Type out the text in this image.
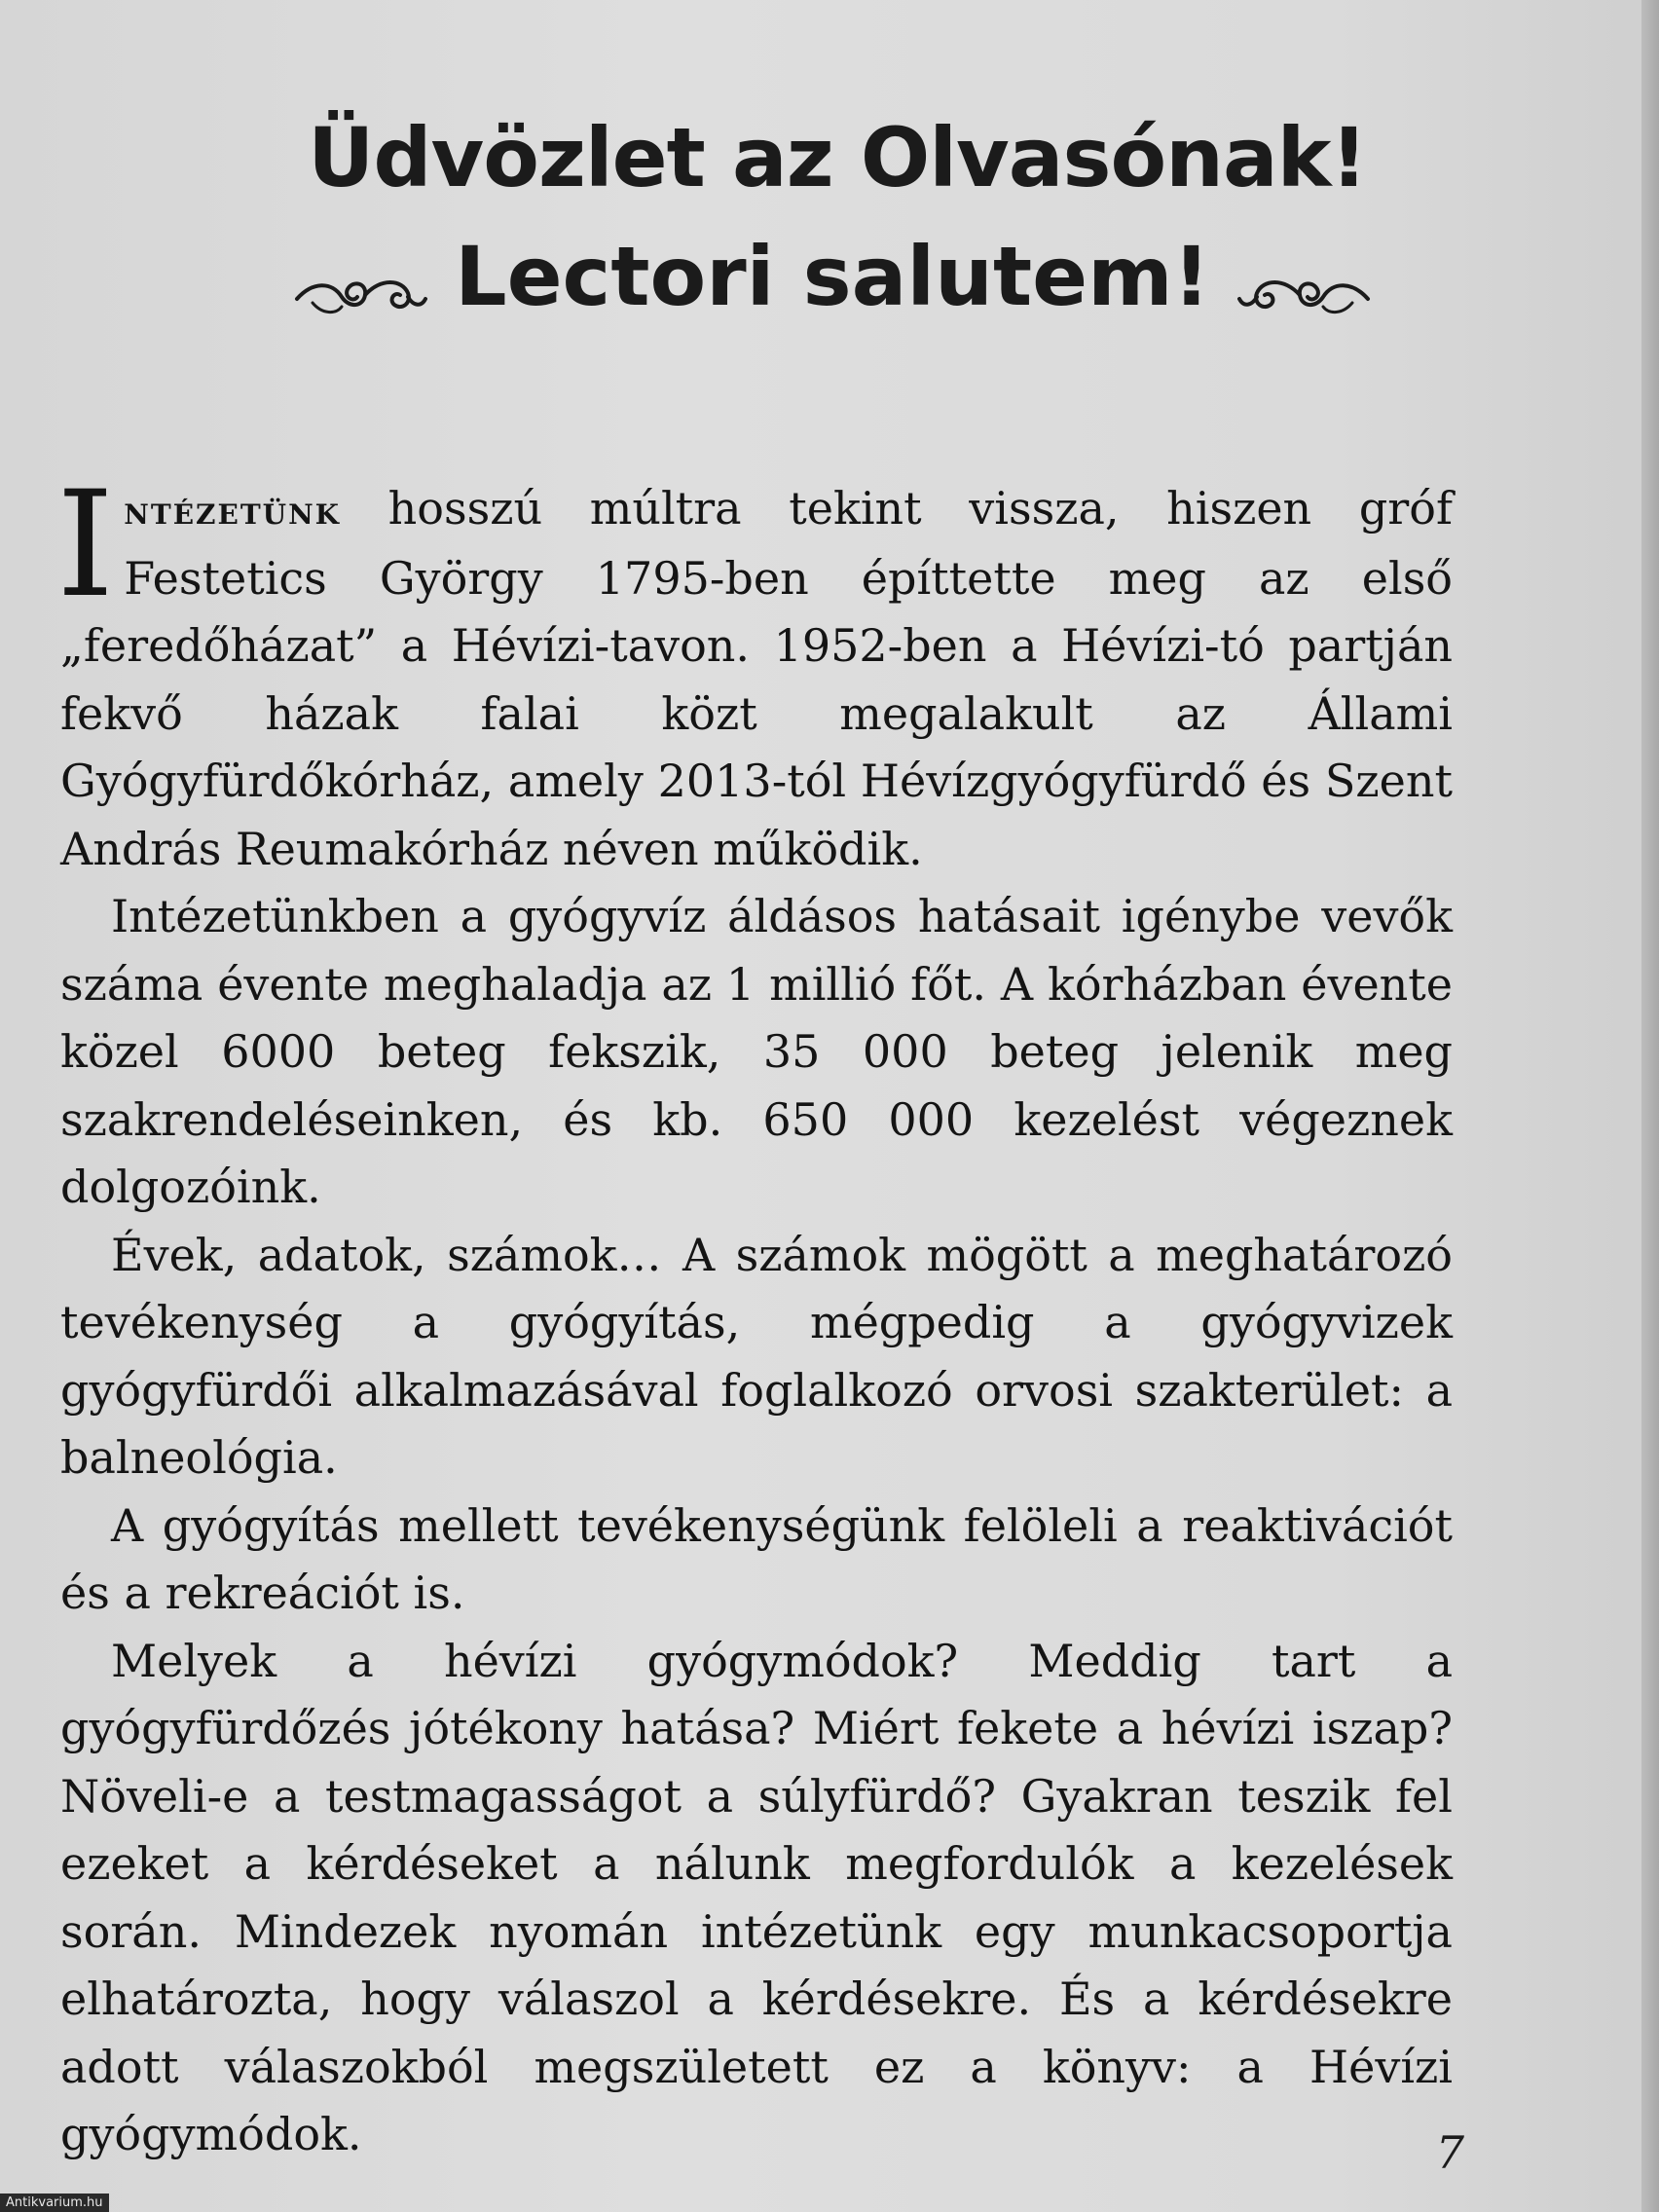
Üdvözlet az Olvasónak!
Lectori salutem!

Intézetünk hosszú múltra tekint vissza, hiszen gróf Festetics György 1795-ben építtette meg az első „feredőházat” a Hévízi-tavon. 1952-ben a Hévízi-tó partján fekvő házak falai közt megalakult az Állami Gyógyfürdőkórház, amely 2013-tól Hévízgyógyfürdő és Szent András Reumakórház néven működik.

Intézetünkben a gyógyvíz áldásos hatásait igénybe vevők száma évente meghaladja az 1 millió főt. A kórházban évente közel 6000 beteg fekszik, 35 000 beteg jelenik meg szakrendeléseinken, és kb. 650 000 kezelést végeznek dolgozóink.

Évek, adatok, számok… A számok mögött a meghatározó tevékenység a gyógyítás, mégpedig a gyógyvizek gyógyfürdői alkalmazásával foglalkozó orvosi szakterület: a balneológia.

A gyógyítás mellett tevékenységünk felöleli a reaktivációt és a rekreációt is.

Melyek a hévízi gyógymódok? Meddig tart a gyógyfürdőzés jótékony hatása? Miért fekete a hévízi iszap? Növeli-e a testmagasságot a súlyfürdő? Gyakran teszik fel ezeket a kérdéseket a nálunk megfordulók a kezelések során. Mindezek nyomán intézetünk egy munkacsoportja elhatározta, hogy válaszol a kérdésekre. És a kérdésekre adott válaszokból megszületett ez a könyv: a Hévízi gyógymódok.	7
Antikvarium.hu
